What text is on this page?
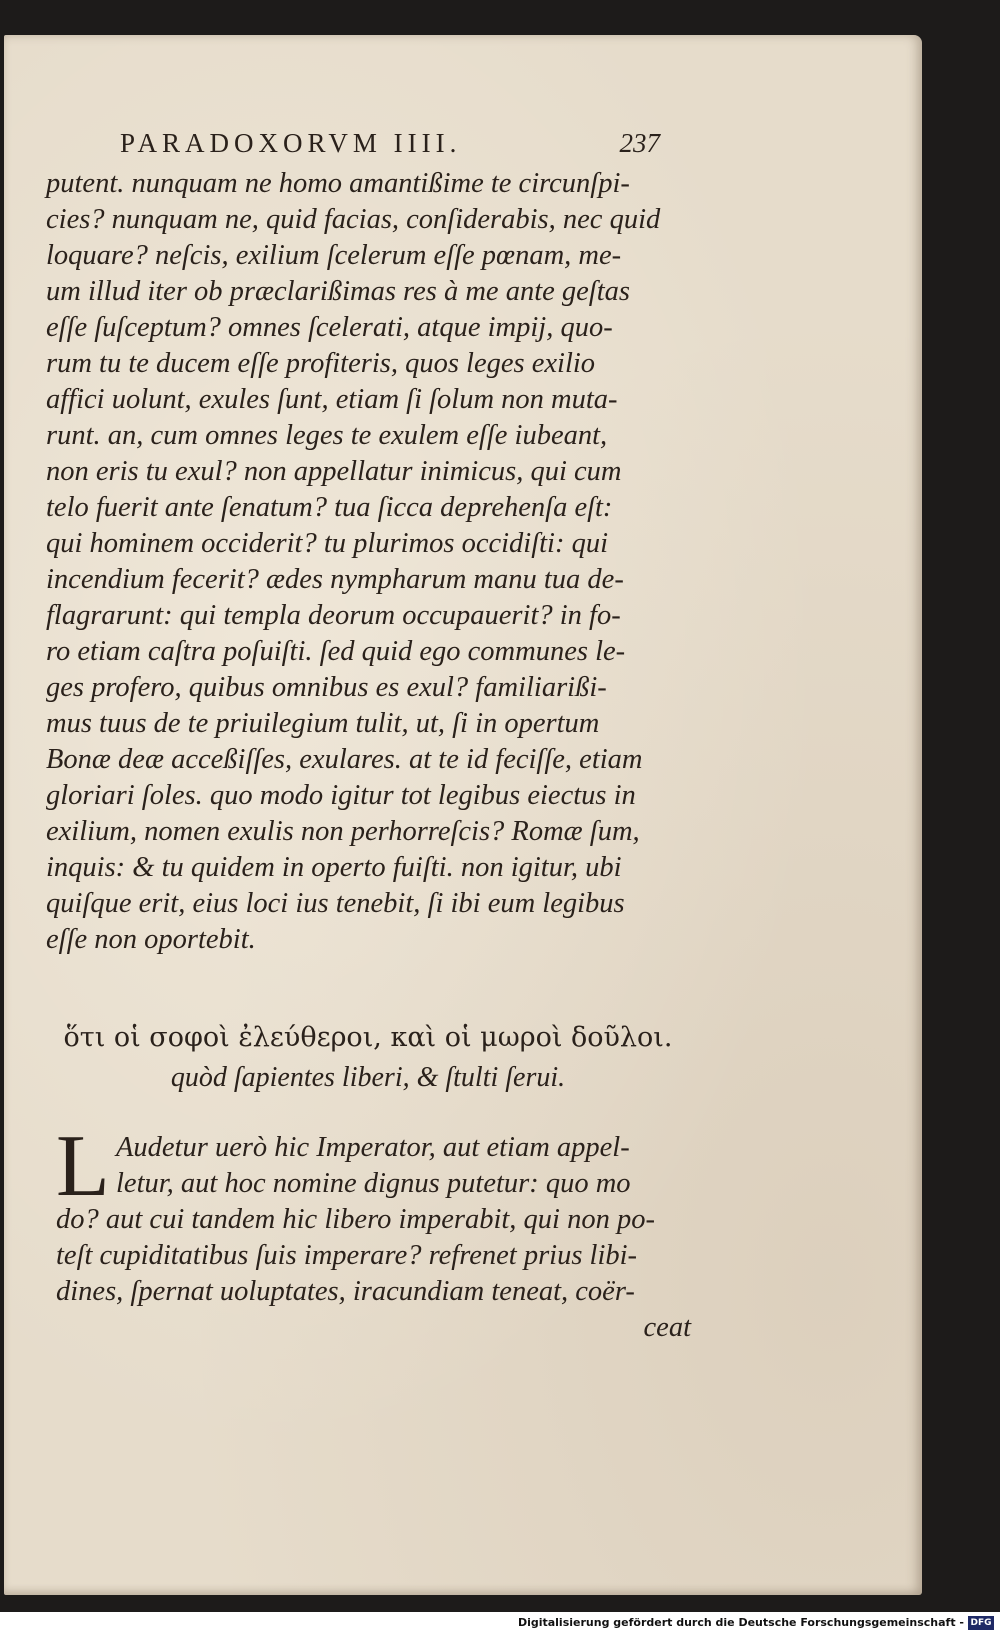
PARADOXORVM IIII.	237
putent. nunquam ne homo amantißime te circunſpi-
cies? nunquam ne, quid facias, conſiderabis, nec quid
loquare? neſcis, exilium ſcelerum eſſe pœnam, me-
um illud iter ob præclarißimas res à me ante geſtas
eſſe ſuſceptum? omnes ſcelerati, atque impij, quo-
rum tu te ducem eſſe profiteris, quos leges exilio
affici uolunt, exules ſunt, etiam ſi ſolum non muta-
runt. an, cum omnes leges te exulem eſſe iubeant,
non eris tu exul? non appellatur inimicus, qui cum
telo fuerit ante ſenatum? tua ſicca deprehenſa eſt:
qui hominem occiderit? tu plurimos occidiſti: qui
incendium fecerit? ædes nympharum manu tua de-
flagrarunt: qui templa deorum occupauerit? in fo-
ro etiam caſtra poſuiſti. ſed quid ego communes le-
ges profero, quibus omnibus es exul? familiarißi-
mus tuus de te priuilegium tulit, ut, ſi in opertum
Bonæ deæ acceßiſſes, exulares. at te id feciſſe, etiam
gloriari ſoles. quo modo igitur tot legibus eiectus in
exilium, nomen exulis non perhorreſcis? Romæ ſum,
inquis: & tu quidem in operto fuiſti. non igitur, ubi
quiſque erit, eius loci ius tenebit, ſi ibi eum legibus
eſſe non oportebit.
ὅτι οἱ σοφοὶ ἐλεύθεροι, καὶ οἱ μωροὶ δοῦλοι.
quòd ſapientes liberi, & ſtulti ſerui.
L Audetur uerò hic Imperator, aut etiam appel-
letur, aut hoc nomine dignus putetur: quo mo
do? aut cui tandem hic libero imperabit, qui non po-
teſt cupiditatibus ſuis imperare? refrenet prius libi-
dines, ſpernat uoluptates, iracundiam teneat, coër-
ceat
Digitalisierung gefördert durch die Deutsche Forschungsgemeinschaft - DFG
